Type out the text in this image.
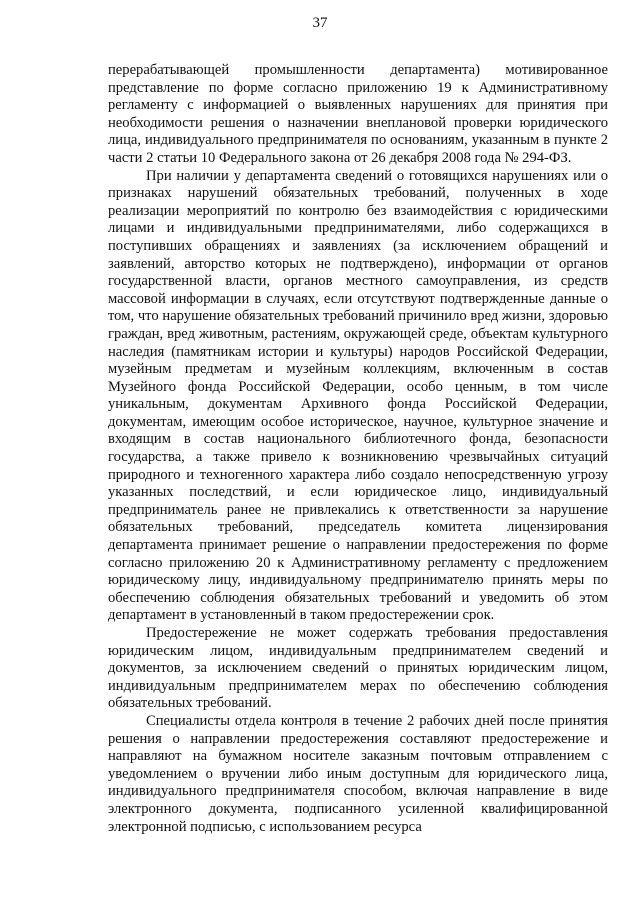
37

перерабатывающей промышленности департамента) мотивированное представление по форме согласно приложению 19 к Административному регламенту с информацией о выявленных нарушениях для принятия при необходимости решения о назначении внеплановой проверки юридического лица, индивидуального предпринимателя по основаниям, указанным в пункте 2 части 2 статьи 10 Федерального закона от 26 декабря 2008 года № 294-ФЗ.

При наличии у департамента сведений о готовящихся нарушениях или о признаках нарушений обязательных требований, полученных в ходе реализации мероприятий по контролю без взаимодействия с юридическими лицами и индивидуальными предпринимателями, либо содержащихся в поступивших обращениях и заявлениях (за исключением обращений и заявлений, авторство которых не подтверждено), информации от органов государственной власти, органов местного самоуправления, из средств массовой информации в случаях, если отсутствуют подтвержденные данные о том, что нарушение обязательных требований причинило вред жизни, здоровью граждан, вред животным, растениям, окружающей среде, объектам культурного наследия (памятникам истории и культуры) народов Российской Федерации, музейным предметам и музейным коллекциям, включенным в состав Музейного фонда Российской Федерации, особо ценным, в том числе уникальным, документам Архивного фонда Российской Федерации, документам, имеющим особое историческое, научное, культурное значение и входящим в состав национального библиотечного фонда, безопасности государства, а также привело к возникновению чрезвычайных ситуаций природного и техногенного характера либо создало непосредственную угрозу указанных последствий, и если юридическое лицо, индивидуальный предприниматель ранее не привлекались к ответственности за нарушение обязательных требований, председатель комитета лицензирования департамента принимает решение о направлении предостережения по форме согласно приложению 20 к Административному регламенту с предложением юридическому лицу, индивидуальному предпринимателю принять меры по обеспечению соблюдения обязательных требований и уведомить об этом департамент в установленный в таком предостережении срок.

Предостережение не может содержать требования предоставления юридическим лицом, индивидуальным предпринимателем сведений и документов, за исключением сведений о принятых юридическим лицом, индивидуальным предпринимателем мерах по обеспечению соблюдения обязательных требований.

Специалисты отдела контроля в течение 2 рабочих дней после принятия решения о направлении предостережения составляют предостережение и направляют на бумажном носителе заказным почтовым отправлением с уведомлением о вручении либо иным доступным для юридического лица, индивидуального предпринимателя способом, включая направление в виде электронного документа, подписанного усиленной квалифицированной электронной подписью, с использованием ресурса
